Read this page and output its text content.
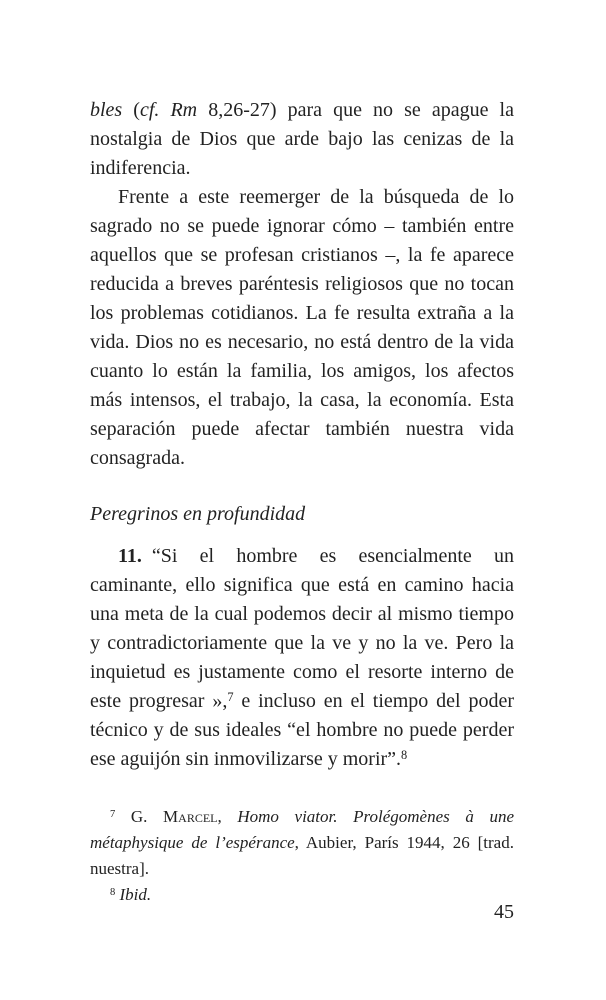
bles (cf. Rm 8,26-27) para que no se apague la nostalgia de Dios que arde bajo las cenizas de la indiferencia.

Frente a este reemerger de la búsqueda de lo sagrado no se puede ignorar cómo – también entre aquellos que se profesan cristianos –, la fe aparece reducida a breves paréntesis religiosos que no tocan los problemas cotidianos. La fe resulta extraña a la vida. Dios no es necesario, no está dentro de la vida cuanto lo están la familia, los amigos, los afectos más intensos, el trabajo, la casa, la economía. Esta separación puede afectar también nuestra vida consagrada.

Peregrinos en profundidad

11. “Si el hombre es esencialmente un caminante, ello significa que está en camino hacia una meta de la cual podemos decir al mismo tiempo y contradictoriamente que la ve y no la ve. Pero la inquietud es justamente como el resorte interno de este progresar »,$^7$ e incluso en el tiempo del poder técnico y de sus ideales “el hombre no puede perder ese aguijón sin inmovilizarse y morir”.$^8$

$^7$ G. Marcel, Homo viator. Prolégomènes à une métaphysique de l’espérance, Aubier, París 1944, 26 [trad. nuestra].

$^8$ Ibid.

45
